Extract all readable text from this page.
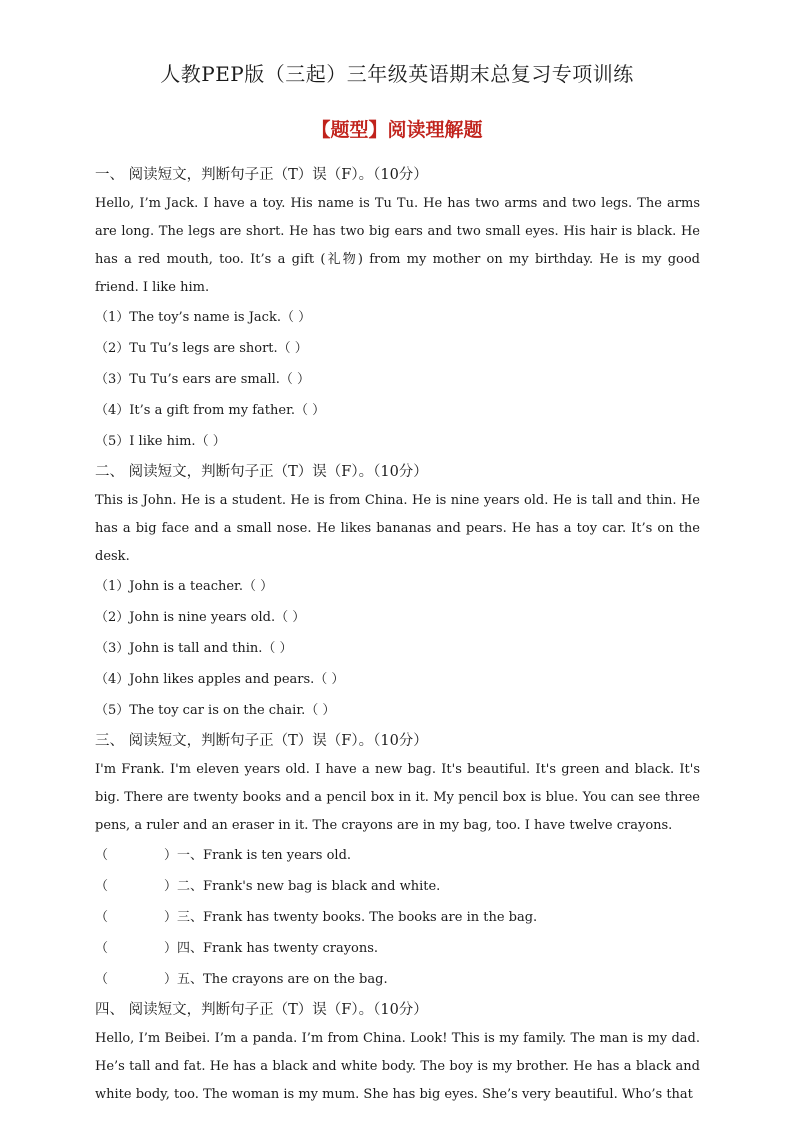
人教PEP版（三起）三年级英语期末总复习专项训练
【题型】阅读理解题
一、 阅读短文，判断句子正（T）误（F）。（10分）

Hello, I’m Jack. I have a toy. His name is Tu Tu. He has two arms and two legs. The arms are long. The legs are short. He has two big ears and two small eyes. His hair is black. He has a red mouth, too. It’s a gift (礼物) from my mother on my birthday. He is my good friend. I like him.

（1）The toy’s name is Jack.（ ）
（2）Tu Tu’s legs are short.（ ）
（3）Tu Tu’s ears are small.（ ）
（4）It’s a gift from my father.（ ）
（5）I like him.（ ）
二、 阅读短文，判断句子正（T）误（F）。（10分）

This is John. He is a student. He is from China. He is nine years old. He is tall and thin. He has a big face and a small nose. He likes bananas and pears. He has a toy car. It’s on the desk.

（1）John is a teacher.（ ）
（2）John is nine years old.（ ）
（3）John is tall and thin.（ ）
（4）John likes apples and pears.（ ）
（5）The toy car is on the chair.（ ）
三、 阅读短文，判断句子正（T）误（F）。（10分）

I'm Frank. I'm eleven years old. I have a new bag. It's beautiful. It's green and black. It's big. There are twenty books and a pencil box in it. My pencil box is blue. You can see three pens, a ruler and an eraser in it. The crayons are in my bag, too. I have twelve crayons.

（	）一、Frank is ten years old.
（	）二、Frank's new bag is black and white.
（	）三、Frank has twenty books. The books are in the bag.
（	）四、Frank has twenty crayons.
（	）五、The crayons are on the bag.
四、 阅读短文，判断句子正（T）误（F）。（10分）

Hello, I’m Beibei. I’m a panda. I’m from China. Look! This is my family. The man is my dad. He’s tall and fat. He has a black and white body. The boy is my brother. He has a black and white body, too. The woman is my mum. She has big eyes. She’s very beautiful. Who’s that
